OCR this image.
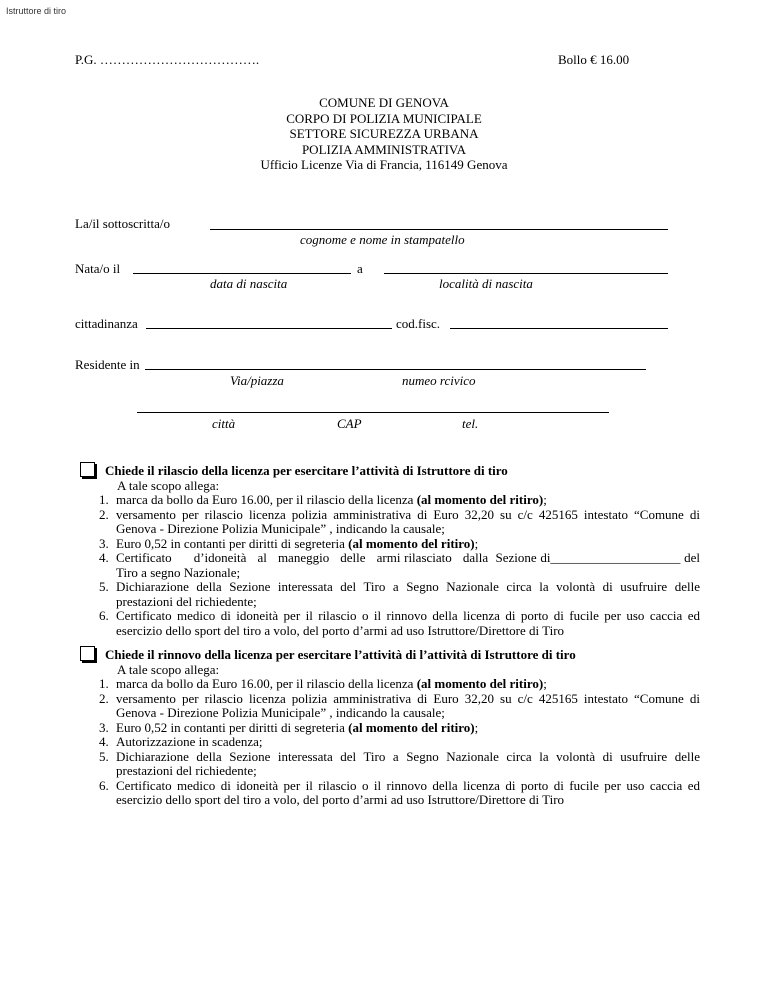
Istruttore di tiro
P.G. ……………………………….	Bollo € 16.00
COMUNE DI GENOVA
CORPO DI POLIZIA MUNICIPALE
SETTORE SICUREZZA URBANA
POLIZIA AMMINISTRATIVA
Ufficio Licenze Via di Francia, 116149 Genova
La/il sottoscritta/o
cognome e nome in stampatello
Nata/o il	a
data di nascita	località di nascita
cittadinanza	cod.fisc.
Residente in
Via/piazza	numeo rcivico
città	CAP	tel.
Chiede il rilascio della licenza per esercitare l’attività di Istruttore di tiro
A tale scopo allega:
1. marca da bollo da Euro 16.00, per il rilascio della licenza (al momento del ritiro);
2. versamento per rilascio licenza polizia amministrativa di Euro 32,20 su c/c 425165 intestato “Comune di Genova - Direzione Polizia Municipale” , indicando la causale;
3. Euro 0,52 in contanti per diritti di segreteria (al momento del ritiro);
4. Certificato      d’idoneità   al   maneggio   delle   armi rilasciato   dalla  Sezione di____________________ del Tiro a segno Nazionale;
5. Dichiarazione della Sezione interessata del Tiro a Segno Nazionale circa la volontà di usufruire delle prestazioni del richiedente;
6. Certificato medico di idoneità per il rilascio o il rinnovo della licenza di porto di fucile per uso caccia ed esercizio dello sport del tiro a volo, del porto d’armi ad uso Istruttore/Direttore di Tiro
Chiede il rinnovo della licenza per esercitare l’attività di l’attività di Istruttore di tiro
A tale scopo allega:
1. marca da bollo da Euro 16.00, per il rilascio della licenza (al momento del ritiro);
2. versamento per rilascio licenza polizia amministrativa di Euro 32,20 su c/c 425165 intestato “Comune di Genova - Direzione Polizia Municipale” , indicando la causale;
3. Euro 0,52 in contanti per diritti di segreteria (al momento del ritiro);
4. Autorizzazione in scadenza;
5. Dichiarazione della Sezione interessata del Tiro a Segno Nazionale circa la volontà di usufruire delle prestazioni del richiedente;
6. Certificato medico di idoneità per il rilascio o il rinnovo della licenza di porto di fucile per uso caccia ed esercizio dello sport del tiro a volo, del porto d’armi ad uso Istruttore/Direttore di Tiro
